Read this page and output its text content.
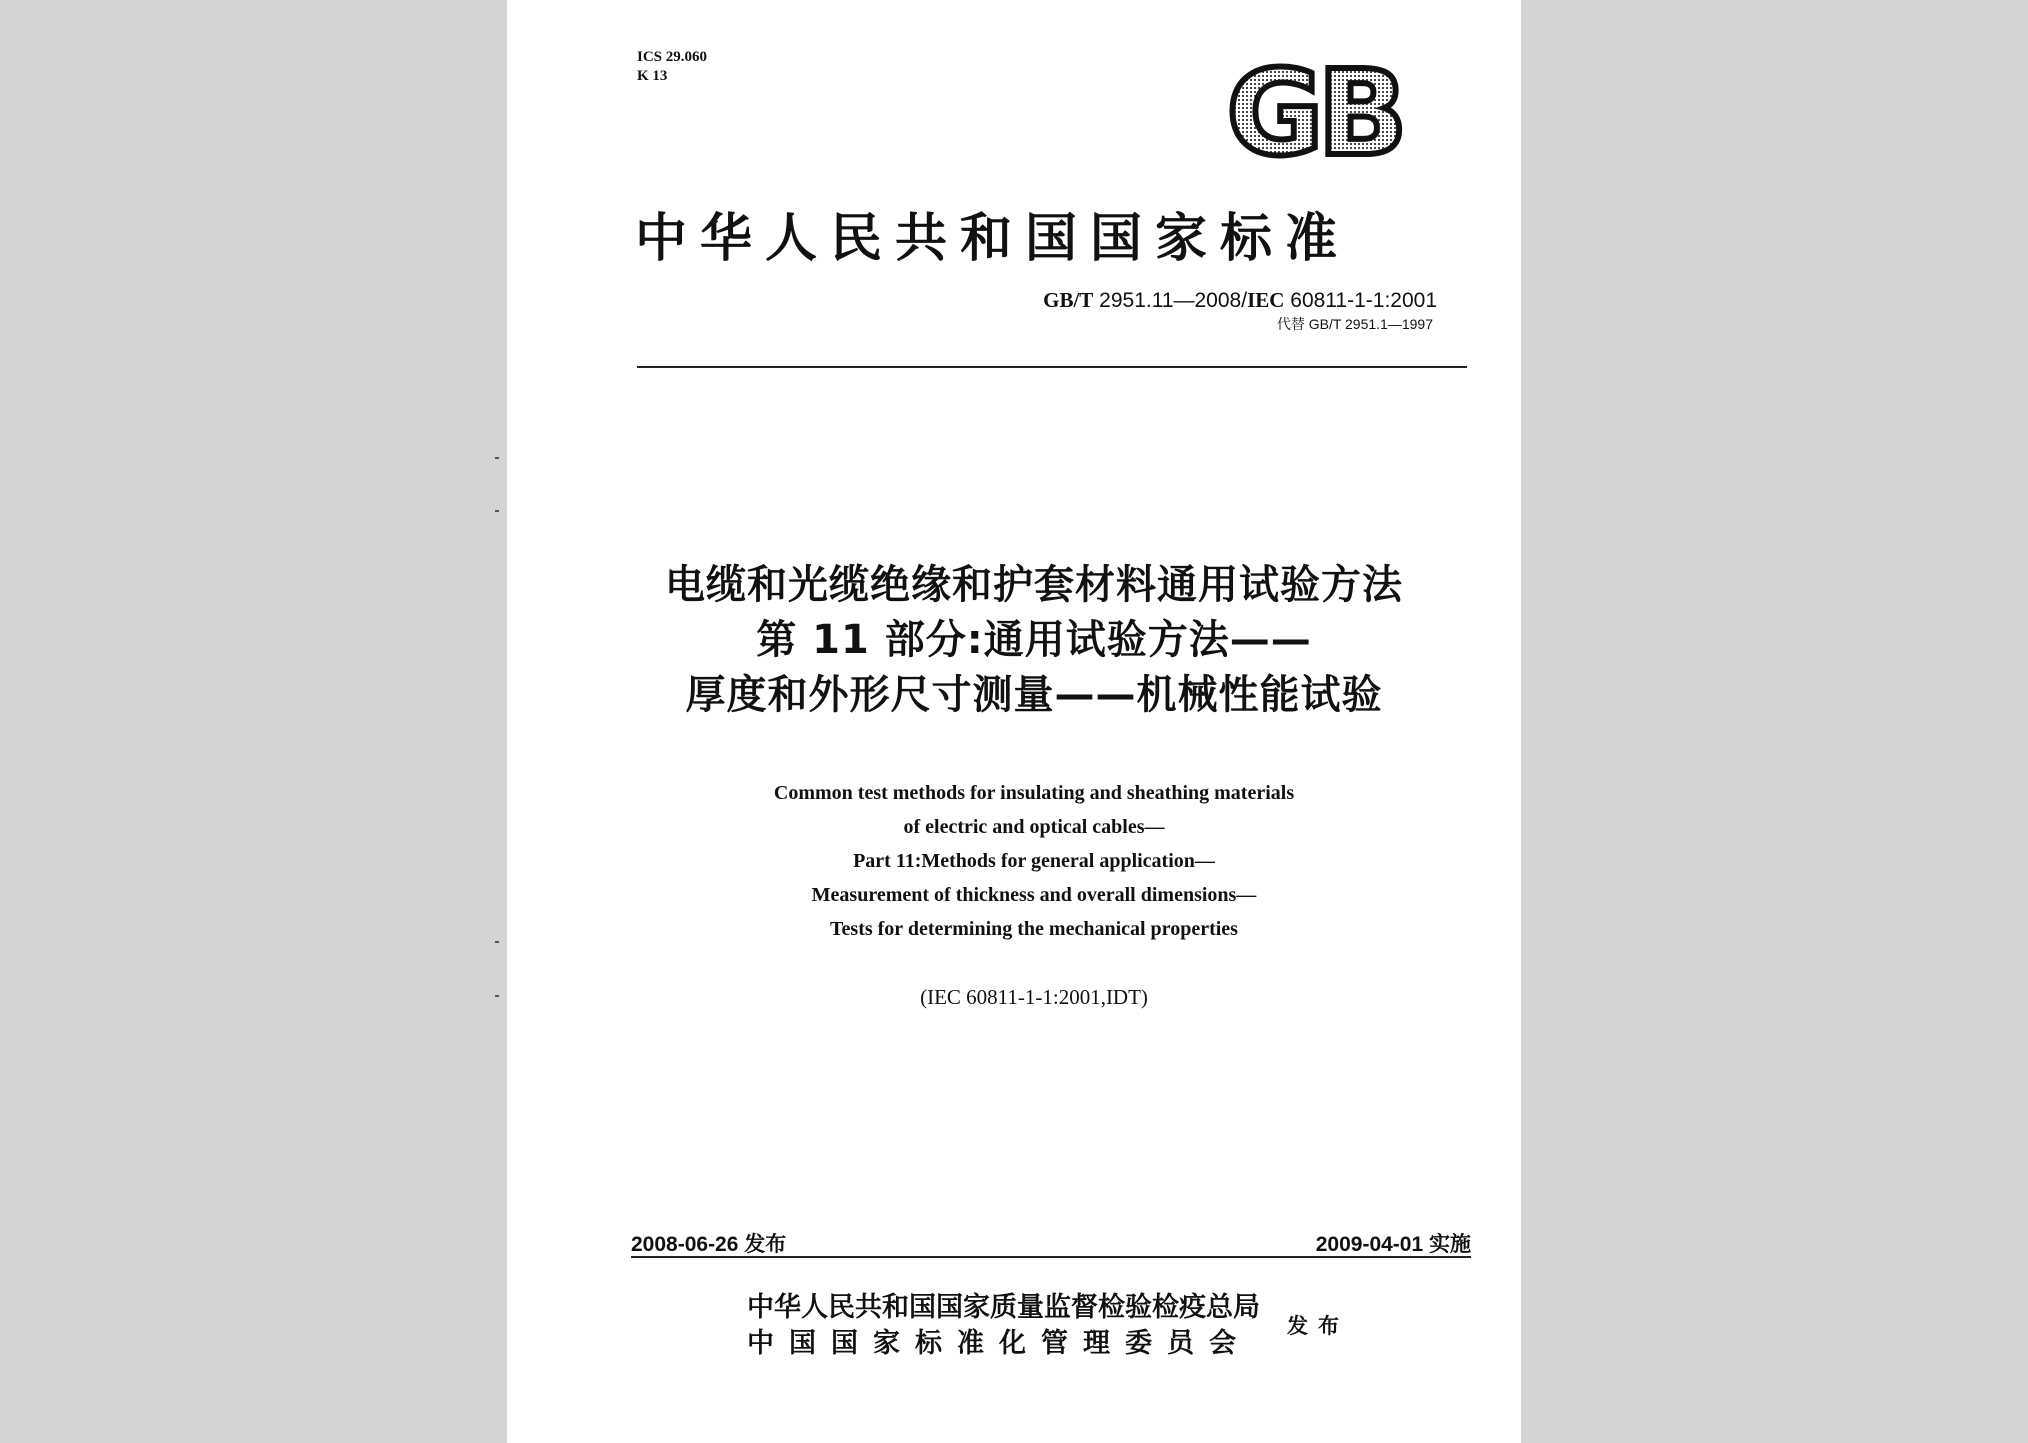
ICS 29.060
K 13	GB
中华人民共和国国家标准
GB/T 2951.11—2008/IEC 60811-1-1:2001
代替 GB/T 2951.1—1997
电缆和光缆绝缘和护套材料通用试验方法
第 11 部分:通用试验方法——
厚度和外形尺寸测量——机械性能试验
Common test methods for insulating and sheathing materials
of electric and optical cables—
Part 11:Methods for general application—
Measurement of thickness and overall dimensions—
Tests for determining the mechanical properties
(IEC 60811-1-1:2001,IDT)
2008-06-26 发布	2009-04-01 实施
中华人民共和国国家质量监督检验检疫总局
中国国家标准化管理委员会
发布
